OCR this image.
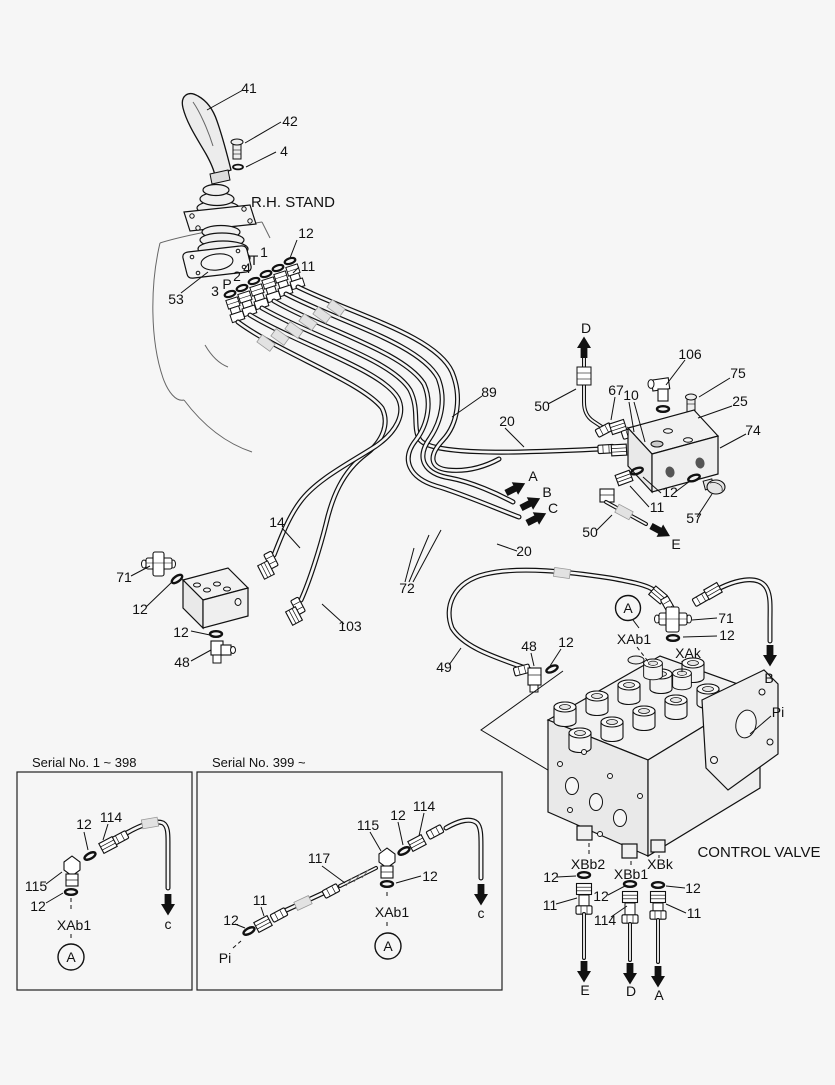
41
42
4
R.H. STAND
12
11
1
T
4
2
P
3
53
89
D
50
67 10
106
75
25
74
20
A
B
C
12
11
57
50
E
14
20
72
71
12
103
12
48	49
48 12
A
XAb1
71
12
XAk
B
Pi
CONTROL VALVE
XBb2
12
11
12
114
XBb1
XBk
12
11
E	D A
Serial No. 1 ~ 398
12 114
115
12
XAb1
A
c
Serial No. 399 ~
114
12
115
117
12
11
12
Pi
XAb1
A
c
